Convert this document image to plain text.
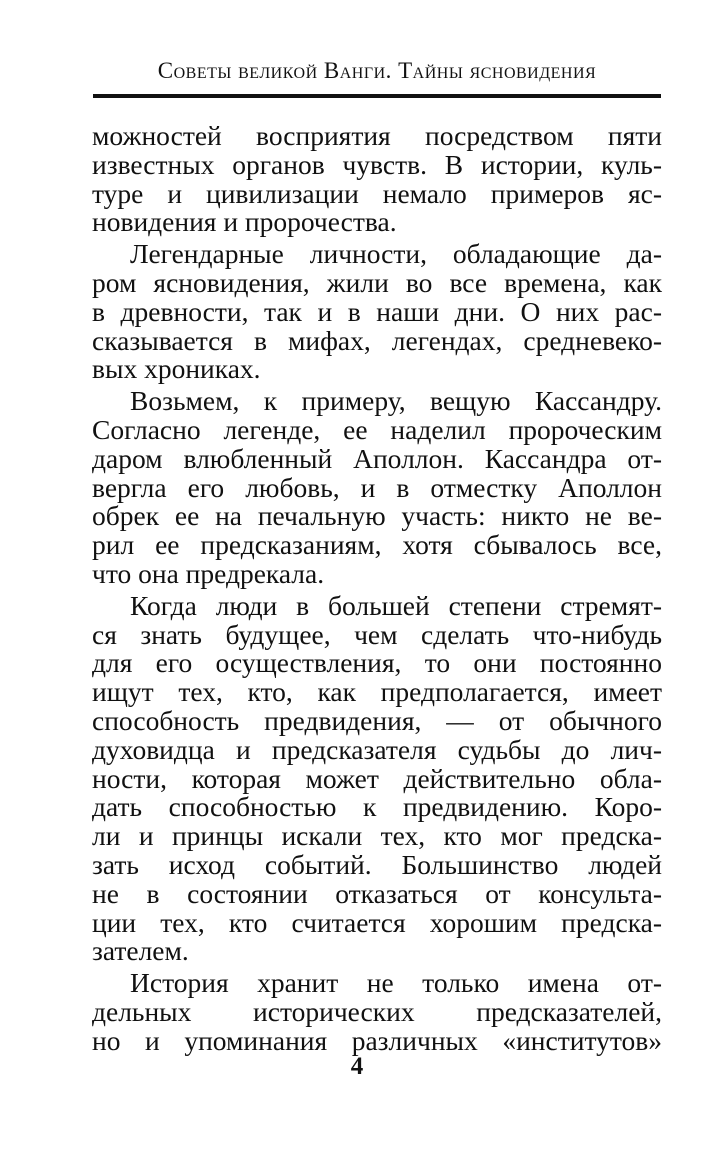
Советы великой Ванги. Тайны ясновидения
можностей восприятия посредством пяти
известных органов чувств. В истории, куль-
туре и цивилизации немало примеров яс-
новидения и пророчества.
Легендарные личности, обладающие да-
ром ясновидения, жили во все времена, как
в древности, так и в наши дни. О них рас-
сказывается в мифах, легендах, средневеко-
вых хрониках.
Возьмем, к примеру, вещую Кассандру.
Согласно легенде, ее наделил пророческим
даром влюбленный Аполлон. Кассандра от-
вергла его любовь, и в отместку Аполлон
обрек ее на печальную участь: никто не ве-
рил ее предсказаниям, хотя сбывалось все,
что она предрекала.
Когда люди в большей степени стремят-
ся знать будущее, чем сделать что-нибудь
для его осуществления, то они постоянно
ищут тех, кто, как предполагается, имеет
способность предвидения, — от обычного
духовидца и предсказателя судьбы до лич-
ности, которая может действительно обла-
дать способностью к предвидению. Коро-
ли и принцы искали тех, кто мог предска-
зать исход событий. Большинство людей
не в состоянии отказаться от консульта-
ции тех, кто считается хорошим предска-
зателем.
История хранит не только имена от-
дельных исторических предсказателей,
но и упоминания различных «институтов»
4
